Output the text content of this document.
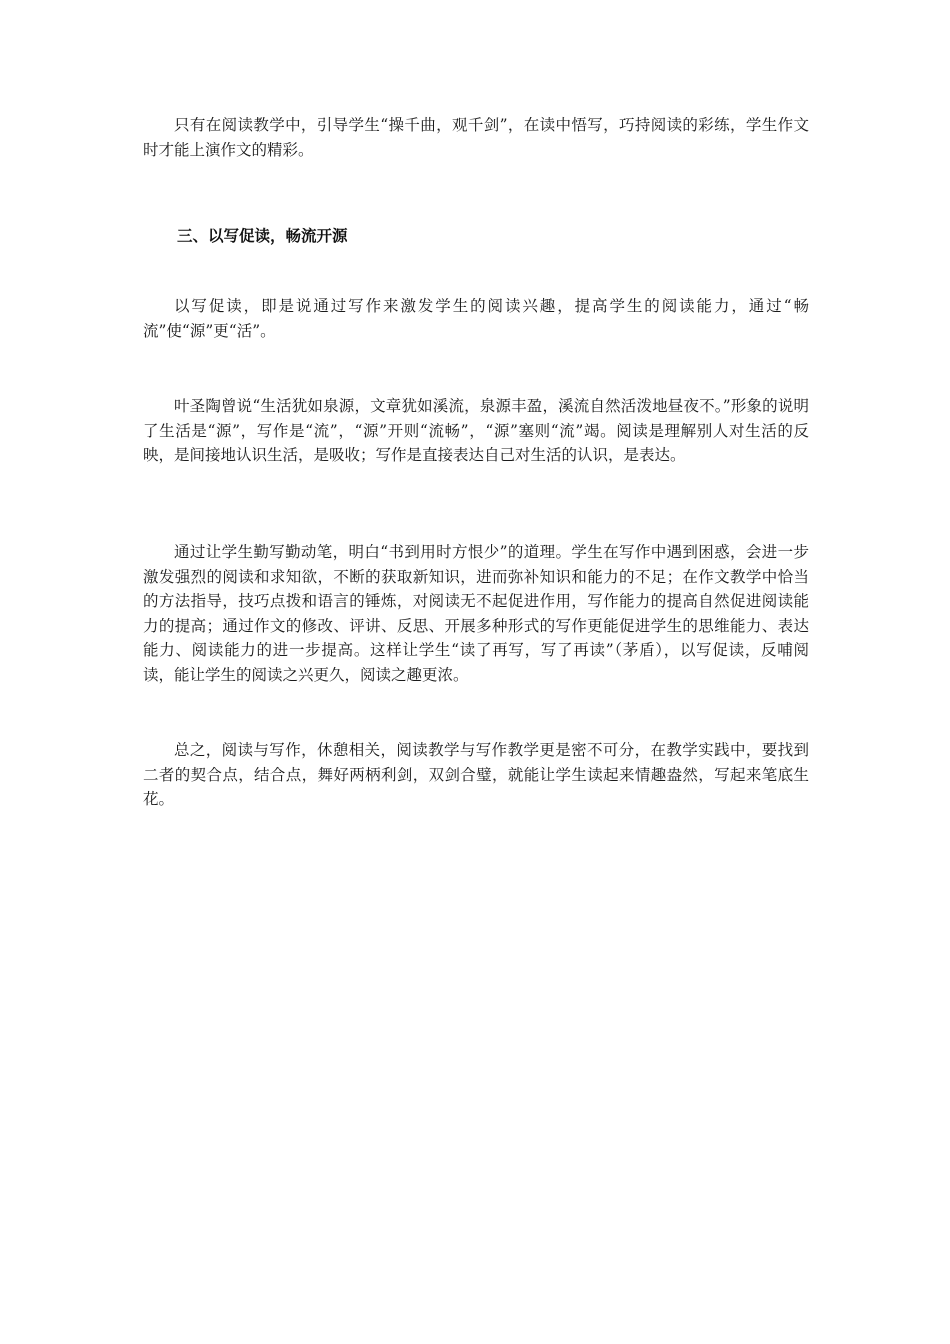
只有在阅读教学中，引导学生“操千曲，观千剑”，在读中悟写，巧持阅读的彩练，学生作文时才能上演作文的精彩。

三、以写促读，畅流开源

以写促读，即是说通过写作来激发学生的阅读兴趣，提高学生的阅读能力，通过“畅流”使“源”更“活”。

叶圣陶曾说“生活犹如泉源，文章犹如溪流，泉源丰盈，溪流自然活泼地昼夜不。”形象的说明了生活是“源”，写作是“流”，“源”开则“流畅”，“源”塞则“流”竭。阅读是理解别人对生活的反映，是间接地认识生活，是吸收；写作是直接表达自己对生活的认识，是表达。

通过让学生勤写勤动笔，明白“书到用时方恨少”的道理。学生在写作中遇到困惑，会进一步激发强烈的阅读和求知欲，不断的获取新知识，进而弥补知识和能力的不足；在作文教学中恰当的方法指导，技巧点拨和语言的锤炼，对阅读无不起促进作用，写作能力的提高自然促进阅读能力的提高；通过作文的修改、评讲、反思、开展多种形式的写作更能促进学生的思维能力、表达能力、阅读能力的进一步提高。这样让学生“读了再写，写了再读”（茅盾），以写促读，反哺阅读，能让学生的阅读之兴更久，阅读之趣更浓。

总之，阅读与写作，休憩相关，阅读教学与写作教学更是密不可分，在教学实践中，要找到二者的契合点，结合点，舞好两柄利剑，双剑合璧，就能让学生读起来情趣盎然，写起来笔底生花。
